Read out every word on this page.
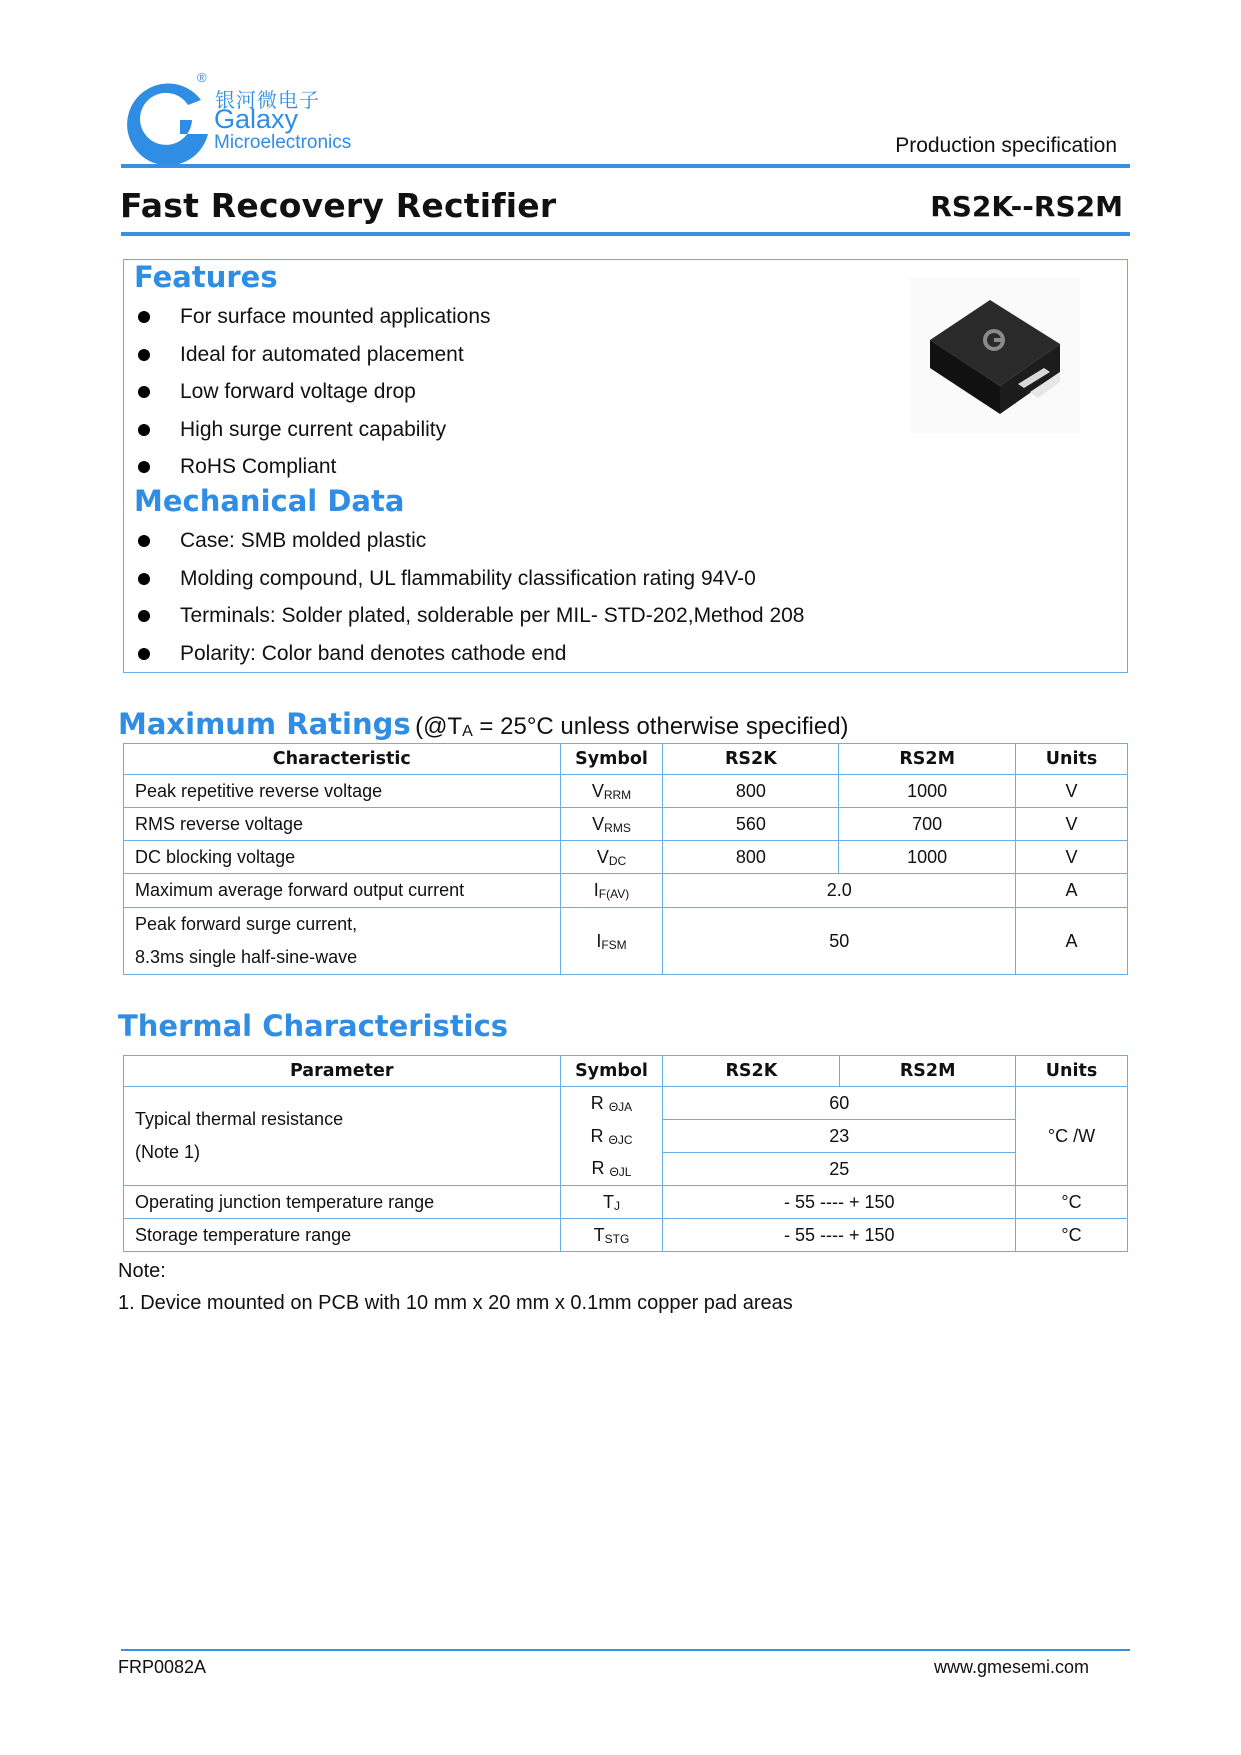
®
银河微电子
Galaxy
Microelectronics	Production specification
Fast Recovery Rectifier	RS2K--RS2M
Features
For surface mounted applications
Ideal for automated placement
Low forward voltage drop
High surge current capability
RoHS Compliant
Mechanical Data
Case: SMB molded plastic
Molding compound, UL flammability classification rating 94V-0
Terminals: Solder plated, solderable per MIL- STD-202,Method 208
Polarity: Color band denotes cathode end
Maximum Ratings ($@T_A = 25^\circ C$ unless otherwise specified)
Characteristic	Symbol	RS2K	RS2M	Units
Peak repetitive reverse voltage	$V_{RRM}$	800	1000	V
RMS reverse voltage	$V_{RMS}$	560	700	V
DC blocking voltage	$V_{DC}$	800	1000	V
Maximum average forward output current	$I_{F(AV)}$	2.0		A

Peak forward surge current,
8.3ms single half-sine-wave	$I_{FSM}$	50		A
Thermal Characteristics
Parameter	Symbol	RS2K	RS2M	Units

Typical thermal resistance
(Note 1)	R $_{\Theta JA}$	60		°C /W
	R $_{\Theta JC}$	23		
	R $_{\Theta JL}$	25		
Operating junction temperature range	$T_J$	- 55 ---- + 150		°C
Storage temperature range	$T_{STG}$	- 55 ---- + 150		°C
Note:
1. Device mounted on PCB with 10 mm x 20 mm x 0.1mm copper pad areas
FRP0082A	www.gmesemi.com
